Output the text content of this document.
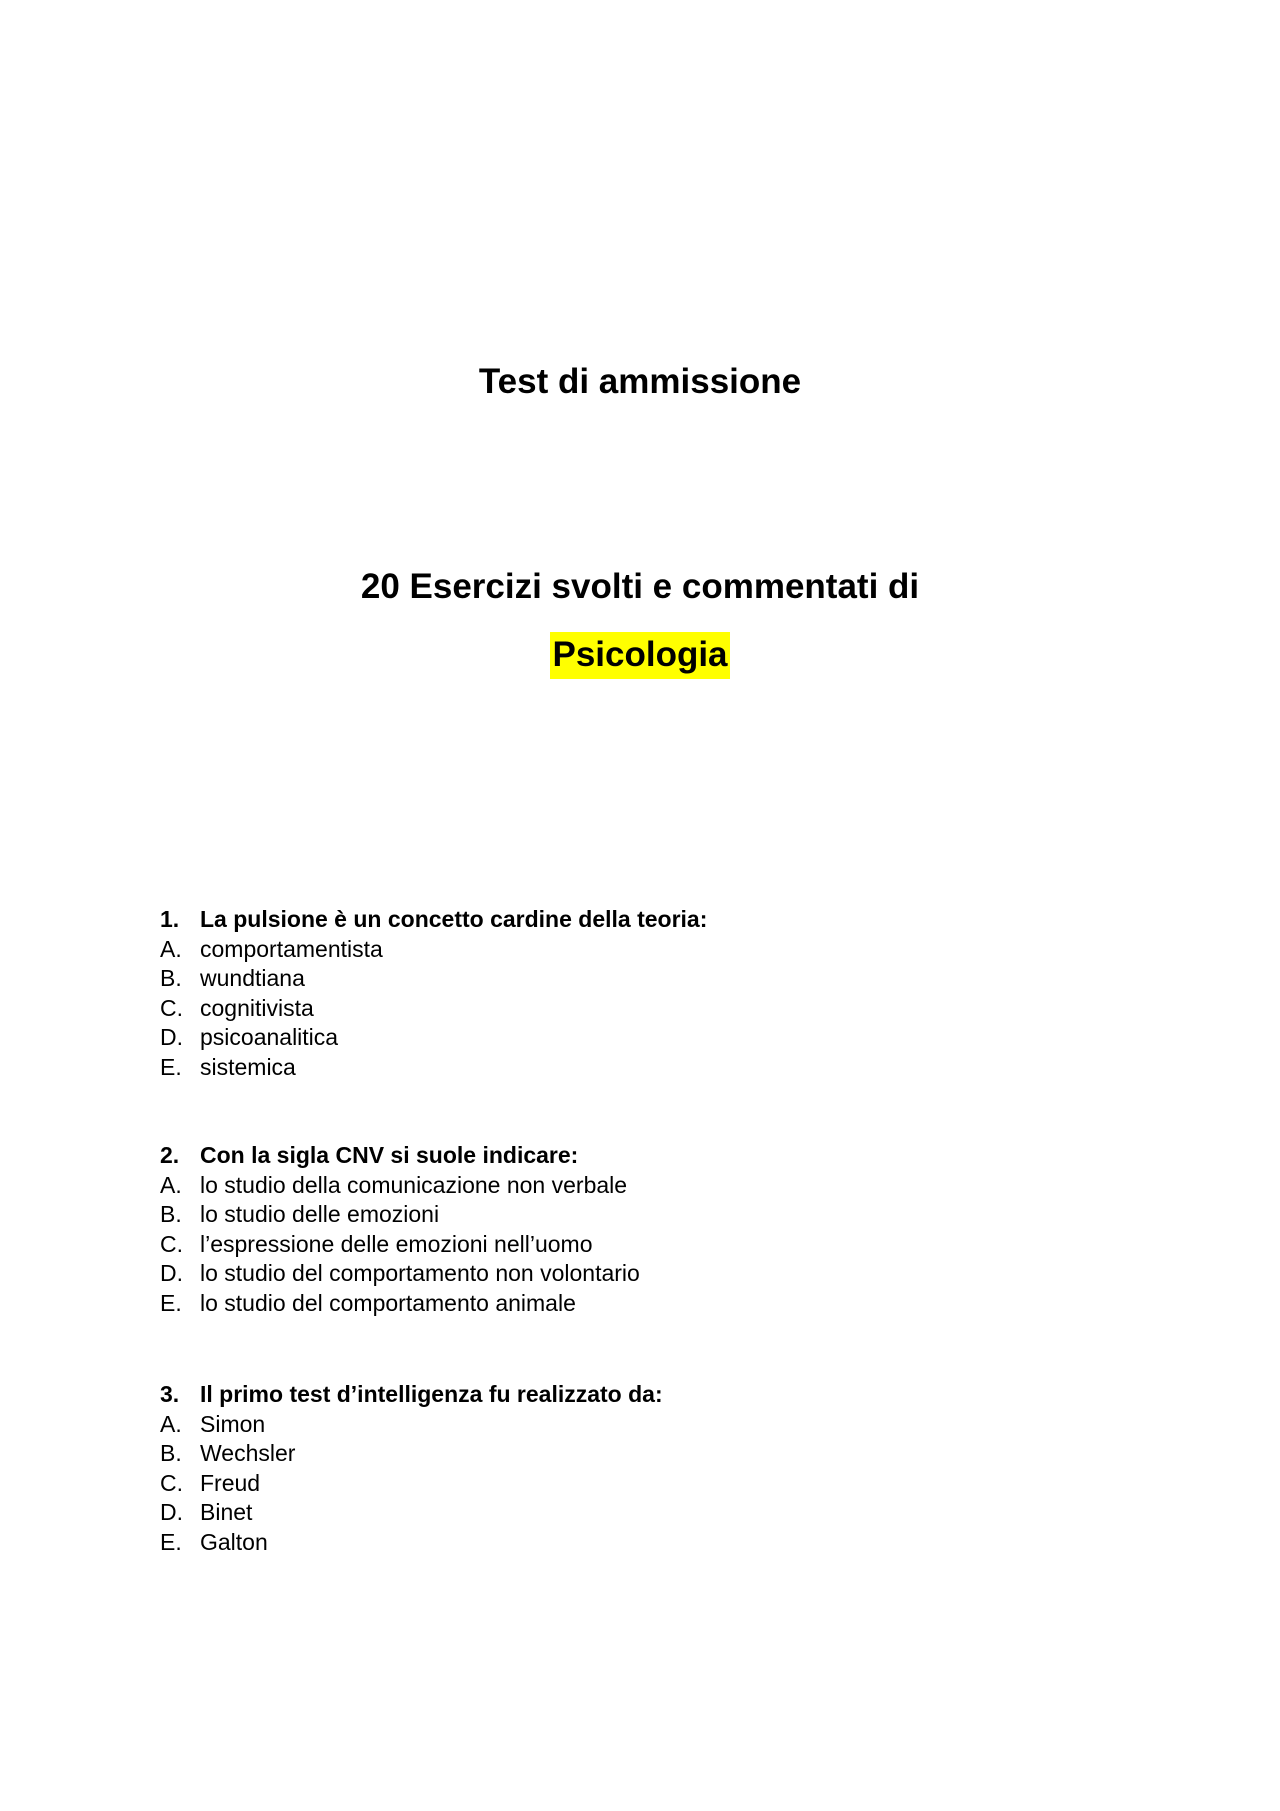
Test di ammissione
20 Esercizi svolti e commentati di
Psicologia
1. La pulsione è un concetto cardine della teoria:
A. comportamentista
B. wundtiana
C. cognitivista
D. psicoanalitica
E. sistemica
2. Con la sigla CNV si suole indicare:
A. lo studio della comunicazione non verbale
B. lo studio delle emozioni
C. l’espressione delle emozioni nell’uomo
D. lo studio del comportamento non volontario
E. lo studio del comportamento animale
3. Il primo test d’intelligenza fu realizzato da:
A. Simon
B. Wechsler
C. Freud
D. Binet
E. Galton
